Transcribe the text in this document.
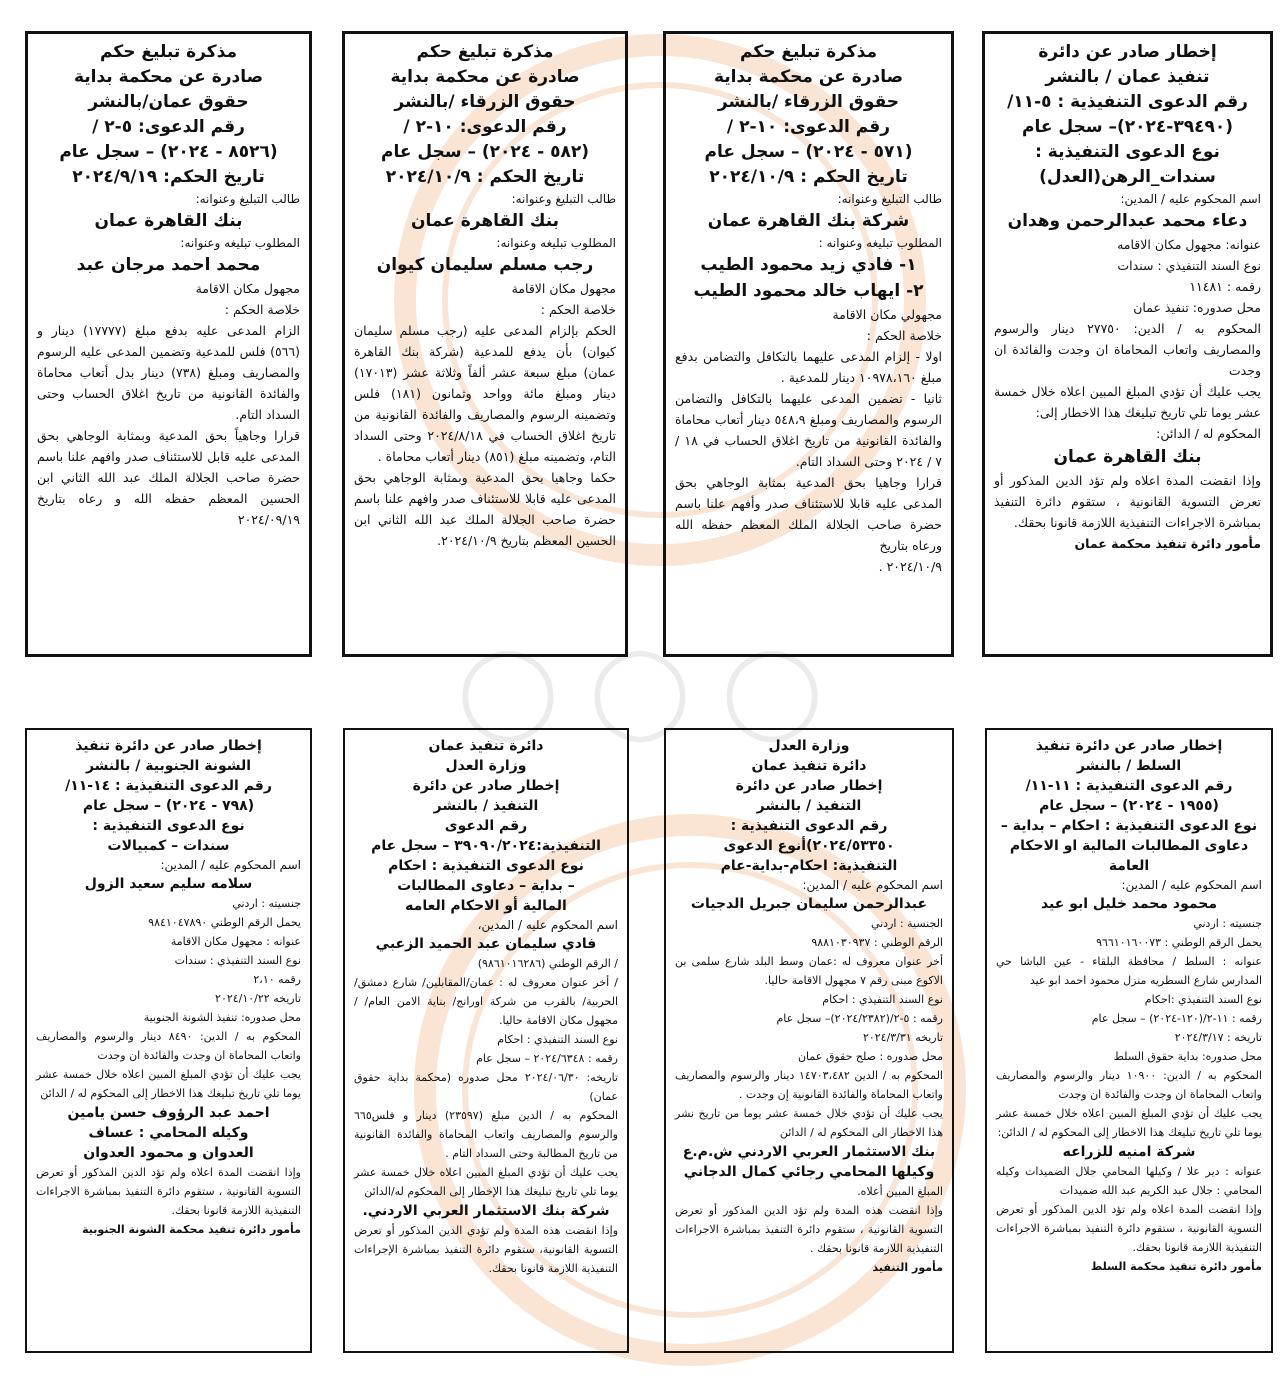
◯ ◯ ◯

إخطار صادر عن دائرة

تنفيذ عمان / بالنشر

رقم الدعوى التنفيذية : ٥-١١/

(٣٩٤٩٠-٢٠٢٤)– سجل عام

نوع الدعوى التنفيذية :

سندات_الرهن(العدل)

اسم المحكوم عليه / المدين:

دعاء محمد عبدالرحمن وهدان

عنوانه: مجهول مكان الاقامه

نوع السند التنفيذي : سندات

رقمه : ١١٤٨١

محل صدوره: تنفيذ عمان

المحكوم به / الدين: ٢٧٧٥٠ دينار والرسوم والمصاريف واتعاب المحاماة ان وجدت والفائدة ان وجدت

يجب عليك أن تؤدي المبلغ المبين اعلاه خلال خمسة عشر يوما تلي تاريخ تبليغك هذا الاخطار إلى:

المحكوم له / الدائن:

بنك القاهرة عمان

وإذا انقضت المدة اعلاه ولم تؤد الدين المذكور أو تعرض التسوية القانونية ، ستقوم دائرة التنفيذ بمباشرة الاجراءات التنفيذية اللازمة قانونا بحقك.

مأمور دائرة تنفيذ محكمة عمان

مذكرة تبليغ حكم

صادرة عن محكمة بداية

حقوق الزرقاء /بالنشر

رقم الدعوى: ١٠-٢ /

(٥٧١ - ٢٠٢٤) – سجل عام

تاريخ الحكم : ٢٠٢٤/١٠/٩

طالب التبليغ وعنوانه:

شركة بنك القاهرة عمان

المطلوب تبليغه وعنوانه :

١- فادي زيد محمود الطيب

٢- ايهاب خالد محمود الطيب

مجهولي مكان الاقامة

خلاصة الحكم :

اولا - إلزام المدعى عليهما بالتكافل والتضامن بدفع مبلغ ١٠٩٧٨،١٦٠ دينار للمدعية .

ثانيا - تضمين المدعى عليهما بالتكافل والتضامن الرسوم والمصاريف ومبلغ ٥٤٨،٩ دينار أتعاب محاماة والفائدة القانونية من تاريخ اغلاق الحساب في ١٨ / ٧ / ٢٠٢٤ وحتى السداد التام.

قرارا وجاهيا بحق المدعية بمثابة الوجاهي بحق المدعى عليه قابلا للاستئناف صدر وأفهم علنا باسم حضرة صاحب الجلالة الملك المعظم حفظه الله ورعاه بتاريخ

٢٠٢٤/١٠/٩ .

مذكرة تبليغ حكم

صادرة عن محكمة بداية

حقوق الزرقاء /بالنشر

رقم الدعوى: ١٠-٢ /

(٥٨٢ - ٢٠٢٤) – سجل عام

تاريخ الحكم : ٢٠٢٤/١٠/٩

طالب التبليغ وعنوانه:

بنك القاهرة عمان

المطلوب تبليغه وعنوانه:

رجب مسلم سليمان كيوان

مجهول مكان الاقامة

خلاصة الحكم :

الحكم بإلزام المدعى عليه (رجب مسلم سليمان كيوان) بأن يدفع للمدعية (شركة بنك القاهرة عمان) مبلغ سبعة عشر ألفاً وثلاثة عشر (١٧٠١٣) دينار ومبلغ مائة وواحد وثمانون (١٨١) فلس وتضمينه الرسوم والمصاريف والفائدة القانونية من تاريخ اغلاق الحساب في ٢٠٢٤/٨/١٨ وحتى السداد التام، وتضمينه مبلغ (٨٥١) دينار أتعاب محاماة .

حكما وجاهيا بحق المدعية وبمثابة الوجاهي بحق المدعى عليه قابلا للاستئناف صدر وافهم علنا باسم حضرة صاحب الجلالة الملك عبد الله الثاني ابن الحسين المعظم بتاريخ ٢٠٢٤/١٠/٩.

مذكرة تبليغ حكم

صادرة عن محكمة بداية

حقوق عمان/بالنشر

رقم الدعوى: ٥-٢ /

(٨٥٢٦ - ٢٠٢٤) – سجل عام

تاريخ الحكم: ٢٠٢٤/٩/١٩

طالب التبليغ وعنوانه:

بنك القاهرة عمان

المطلوب تبليغه وعنوانه:

محمد احمد مرجان عبد

مجهول مكان الاقامة

خلاصة الحكم :

الزام المدعى عليه بدفع مبلغ (١٧٧٧٧) دينار و (٥٦٦) فلس للمدعية وتضمين المدعى عليه الرسوم والمصاريف ومبلغ (٧٣٨) دينار بدل أتعاب محاماة والفائدة القانونية من تاريخ اغلاق الحساب وحتى السداد التام.

قرارا وجاهياً بحق المدعية وبمثابة الوجاهي بحق المدعى عليه قابل للاستئناف صدر وافهم علنا باسم حضرة صاحب الجلالة الملك عبد الله الثاني ابن الحسين المعظم حفظه الله و رعاه بتاريخ ٢٠٢٤/٠٩/١٩

إخطار صادر عن دائرة تنفيذ

السلط / بالنشر

رقم الدعوى التنفيذية : ١١-١١/

(١٩٥٥ - ٢٠٢٤) – سجل عام

نوع الدعوى التنفيذية : احكام – بداية – دعاوى المطالبات المالية او الاحكام العامة

اسم المحكوم عليه / المدين:

محمود محمد خليل ابو عيد

جنسيته : اردني

يحمل الرقم الوطني : ٩٦٦١٠١٦٠٠٧٣

عنوانه : السلط / محافظة البلقاء - عين الباشا حي المدارس شارع السطريه منزل محمود احمد ابو عيد

نوع السند التنفيذي :احكام

رقمه : ١١-٢/(١٢٠-٢٠٢٤) – سجل عام

تاريخه : ٢٠٢٤/٣/١٧

محل صدوره: بداية حقوق السلط

المحكوم به / الدين: ١٠٩٠٠ دينار والرسوم والمصاريف واتعاب المحاماة ان وجدت والفائدة ان وجدت

يجب عليك أن تؤدي المبلغ المبين اعلاه خلال خمسة عشر يوما تلي تاريخ تبليغك هذا الاخطار إلى المحكوم له / الدائن:

شركة امنيه للزراعه

عنوانه : دير علا / وكيلها المحامي جلال الضميدات وكيله المحامي : جلال عبد الكريم عبد الله ضميدات

وإذا انقضت المدة اعلاه ولم تؤد الدين المذكور أو تعرض التسوية القانونية ، ستقوم دائرة التنفيذ بمباشرة الاجراءات التنفيذية اللازمة قانونا بحقك.

مأمور دائرة تنفيذ محكمة السلط

وزارة العدل

دائرة تنفيذ عمان

إخطار صادر عن دائرة

التنفيذ / بالنشر

رقم الدعوى التنفيذية :

٢٠٢٤/٥٣٣٥٠)أنوع الدعوى

التنفيذية: احكام-بداية-عام

اسم المحكوم عليه / المدين:

عبدالرحمن سليمان جبريل الدجيات

الجنسية : اردني

الرقم الوطني : ٩٨٨١٠٣٠٩٣٧

أخر عنوان معروف له :عمان وسط البلد شارع سلمى بن الاكوع مبنى رقم ٧ مجهول الاقامة حاليا.

نوع السند التنفيذي : احكام

رقمه : ٥-٢/(٢٠٢٤/٢٣٨٢)– سجل عام

تاريخه ٢٠٢٤/٣/٣١

محل صدوره : صلح حقوق عمان

المحكوم به / الدين ١٤٧٠٣،٤٨٢ دينار والرسوم والمصاريف واتعاب المحاماة والفائدة القانونية إن وجدت .

يجب عليك أن تؤدي خلال خمسة عشر يوما من تاريخ نشر هذا الاخطار الى المحكوم له / الدائن

بنك الاستثمار العربي الاردني ش.م.ع

وكيلها المحامي رجائي كمال الدجاني

المبلغ المبين أعلاه.

وإذا انقضت هذه المدة ولم تؤد الدين المذكور أو تعرض التسوية القانونية ، ستقوم دائرة التنفيذ بمباشرة الاجراءات التنفيذية اللازمة قانونا بحقك .

مأمور التنفيذ

دائرة تنفيذ عمان

وزارة العدل

إخطار صادر عن دائرة

التنفيذ / بالنشر

رقم الدعوى

التنفيذية:٣٩٠٩٠/٢٠٢٤ – سجل عام

نوع الدعوى التنفيذية : احكام

– بداية – دعاوى المطالبات

المالية أو الاحكام العامه

اسم المحكوم عليه / المدين،

فادي سليمان عبد الحميد الزعبي

/ الرقم الوطني (٩٨٦١٠١٦٢٨٦)

/ أخر عنوان معروف له : عمان/المقابلين/ شارع دمشق/ الحربية/ بالقرب من شركة اورانج/ بناية الامن العام/ /مجهول مكان الاقامة حاليا.

نوع السند التنفيذي : احكام

رقمه : ٢٠٢٤/٦٣٤٨ – سجل عام

تاريخه: ٢٠٢٤/٠٦/٣٠ محل صدوره (محكمة بداية حقوق عمان)

المحكوم به / الدين مبلغ (٢٣٥٩٧) دينار و فلس٦٦٥ والرسوم والمصاريف واتعاب المحاماة والفائدة القانونية من تاريخ المطالبة وحتى السداد التام .

يجب عليك أن تؤدي المبلغ المبين اعلاه خلال خمسة عشر يوما تلي تاريخ تبليغك هذا الإخطار إلى المحكوم له/الدائن

شركة بنك الاستثمار العربي الاردني.

وإذا انقضت هذه المدة ولم تؤدي الدين المذكور أو تعرض التسوية القانونية، ستقوم دائرة التنفيذ بمباشرة الإجراءات التنفيذية اللازمة قانونا بحقك.

إخطار صادر عن دائرة تنفيذ

الشونة الجنوبية / بالنشر

رقم الدعوى التنفيذية : ١٤-١١/

(٧٩٨ - ٢٠٢٤) – سجل عام

نوع الدعوى التنفيذية :

سندات – كمبيالات

اسم المحكوم عليه / المدين:

سلامه سليم سعيد الزول

جنسيته : اردني

يحمل الرقم الوطني ٩٨٤١٠٤٧٨٩٠

عنوانه : مجهول مكان الاقامة

نوع السند التنفيذي : سندات

رقمه ٢،١٠

تاريخه ٢٠٢٤/١٠/٢٢

محل صدوره: تنفيذ الشونة الجنوبية

المحكوم به / الدين: ٨٤٩٠ دينار والرسوم والمصاريف واتعاب المحاماة ان وجدت والفائدة ان وجدت

يجب عليك أن تؤدي المبلغ المبين اعلاه خلال خمسة عشر يوما تلي تاريخ تبليغك هذا الاخطار إلى المحكوم له / الدائن

احمد عبد الرؤوف حسن يامين

وكيله المحامي : عساف

العدوان و محمود العدوان

وإذا انقضت المدة اعلاه ولم تؤد الدين المذكور أو تعرض التسوية القانونية ، ستقوم دائرة التنفيذ بمباشرة الاجراءات التنفيذية اللازمة قانونا بحقك.

مأمور دائرة تنفيذ محكمة الشونة الجنوبية
